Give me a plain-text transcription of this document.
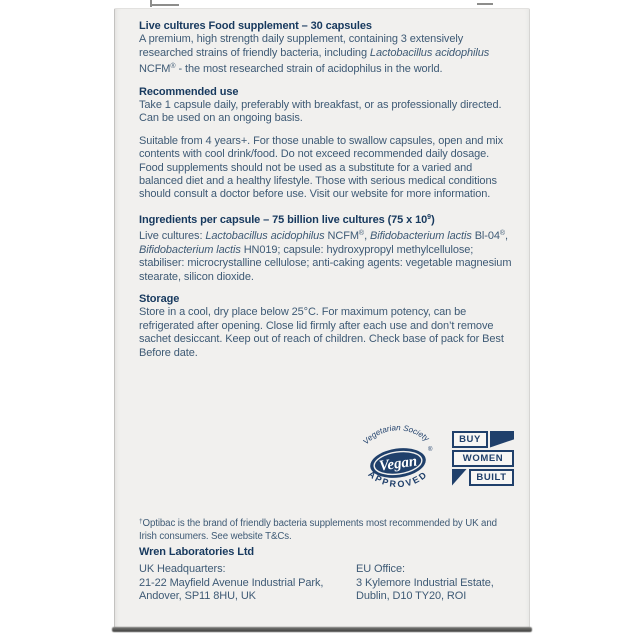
Live cultures Food supplement – 30 capsules
A premium, high strength daily supplement, containing 3 extensively researched strains of friendly bacteria, including Lactobacillus acidophilus NCFM® - the most researched strain of acidophilus in the world.
Recommended use
Take 1 capsule daily, preferably with breakfast, or as professionally directed. Can be used on an ongoing basis.
Suitable from 4 years+. For those unable to swallow capsules, open and mix contents with cool drink/food. Do not exceed recommended daily dosage. Food supplements should not be used as a substitute for a varied and balanced diet and a healthy lifestyle. Those with serious medical conditions should consult a doctor before use. Visit our website for more information.
Ingredients per capsule – 75 billion live cultures (75 x $10^9$)
Live cultures: Lactobacillus acidophilus NCFM®, Bifidobacterium lactis Bl-04®, Bifidobacterium lactis HN019; capsule: hydroxypropyl methylcellulose; stabiliser: microcrystalline cellulose; anti-caking agents: vegetable magnesium stearate, silicon dioxide.
Storage
Store in a cool, dry place below 25°C. For maximum potency, can be refrigerated after opening. Close lid firmly after each use and don’t remove sachet desiccant. Keep out of reach of children. Check base of pack for Best Before date.
Vegetarian Society
Vegan
®
APPROVED
BUY
WOMEN
BUILT
†Optibac is the brand of friendly bacteria supplements most recommended by UK and Irish consumers. See website T&Cs.
Wren Laboratories Ltd
UK Headquarters:
21-22 Mayfield Avenue Industrial Park,
Andover, SP11 8HU, UK
EU Office:
3 Kylemore Industrial Estate,
Dublin, D10 TY20, ROI
